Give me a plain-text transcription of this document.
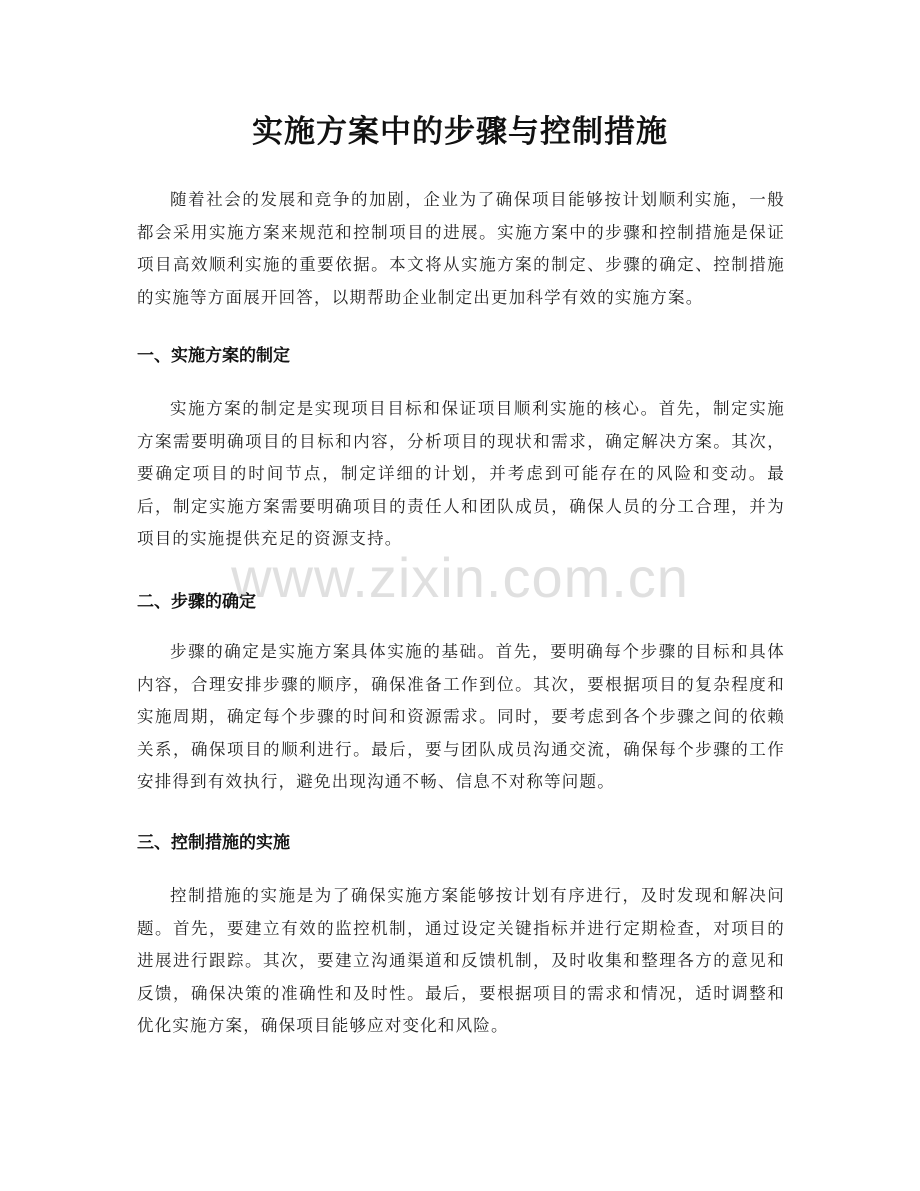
实施方案中的步骤与控制措施

随着社会的发展和竞争的加剧，企业为了确保项目能够按计划顺利实施，一般都会采用实施方案来规范和控制项目的进展。实施方案中的步骤和控制措施是保证项目高效顺利实施的重要依据。本文将从实施方案的制定、步骤的确定、控制措施的实施等方面展开回答，以期帮助企业制定出更加科学有效的实施方案。

一、实施方案的制定

实施方案的制定是实现项目目标和保证项目顺利实施的核心。首先，制定实施方案需要明确项目的目标和内容，分析项目的现状和需求，确定解决方案。其次，要确定项目的时间节点，制定详细的计划，并考虑到可能存在的风险和变动。最后，制定实施方案需要明确项目的责任人和团队成员，确保人员的分工合理，并为项目的实施提供充足的资源支持。

二、步骤的确定

步骤的确定是实施方案具体实施的基础。首先，要明确每个步骤的目标和具体内容，合理安排步骤的顺序，确保准备工作到位。其次，要根据项目的复杂程度和实施周期，确定每个步骤的时间和资源需求。同时，要考虑到各个步骤之间的依赖关系，确保项目的顺利进行。最后，要与团队成员沟通交流，确保每个步骤的工作安排得到有效执行，避免出现沟通不畅、信息不对称等问题。

三、控制措施的实施

控制措施的实施是为了确保实施方案能够按计划有序进行，及时发现和解决问题。首先，要建立有效的监控机制，通过设定关键指标并进行定期检查，对项目的进展进行跟踪。其次，要建立沟通渠道和反馈机制，及时收集和整理各方的意见和反馈，确保决策的准确性和及时性。最后，要根据项目的需求和情况，适时调整和优化实施方案，确保项目能够应对变化和风险。

www.zixin.com.cn
